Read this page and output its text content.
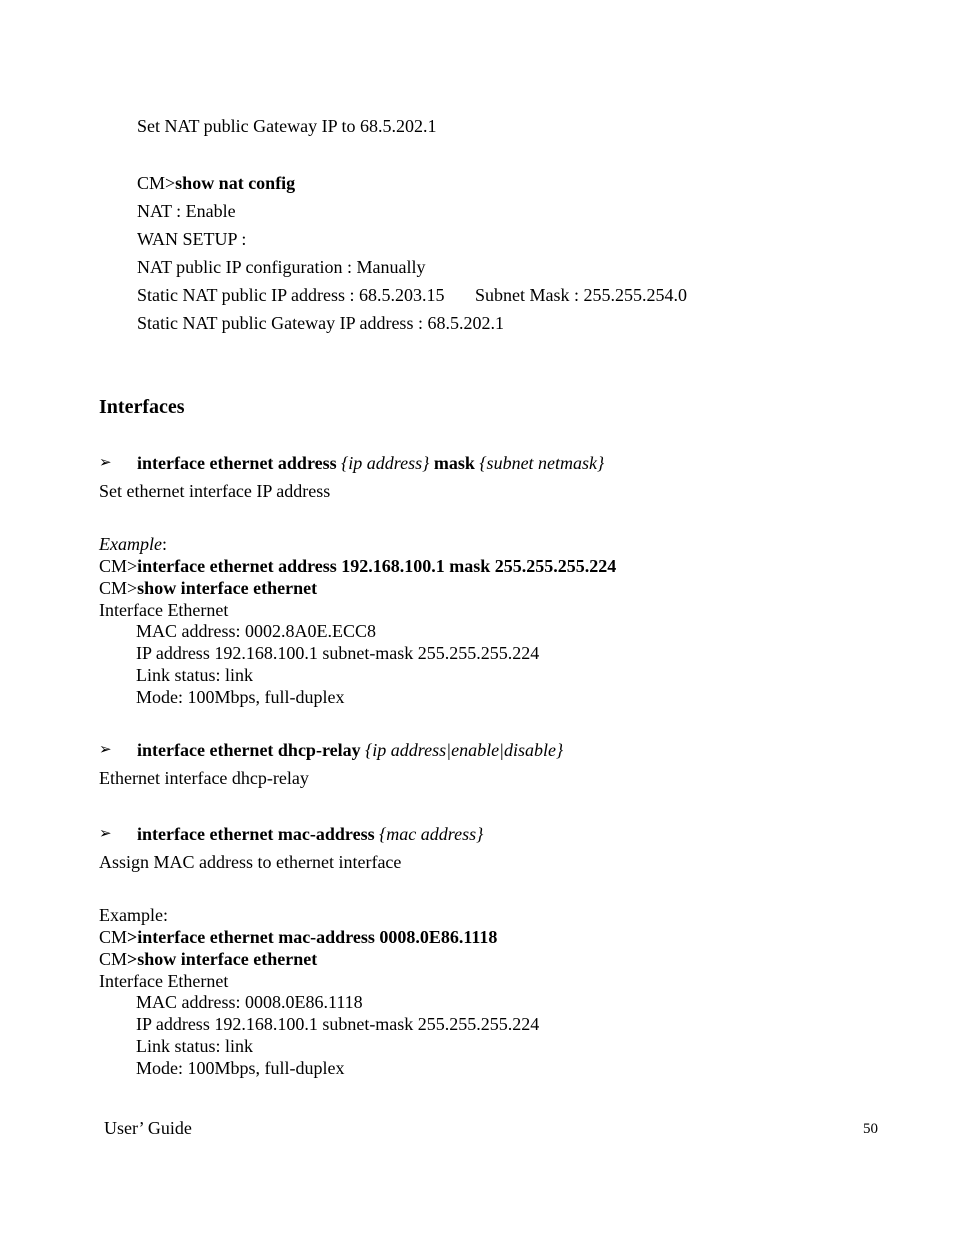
Set NAT public Gateway IP to 68.5.202.1
CM>show nat config
NAT : Enable
WAN SETUP :
NAT public IP configuration : Manually
Static NAT public IP address : 68.5.203.15 Subnet Mask : 255.255.254.0
Static NAT public Gateway IP address : 68.5.202.1
Interfaces
➢ interface ethernet address {ip address} mask {subnet netmask}
Set ethernet interface IP address
Example:
CM>interface ethernet address 192.168.100.1 mask 255.255.255.224
CM>show interface ethernet
Interface Ethernet
MAC address: 0002.8A0E.ECC8
IP address 192.168.100.1 subnet-mask 255.255.255.224
Link status: link
Mode: 100Mbps, full-duplex
➢ interface ethernet dhcp-relay {ip address|enable|disable}
Ethernet interface dhcp-relay
➢ interface ethernet mac-address {mac address}
Assign MAC address to ethernet interface
Example:
CM>interface ethernet mac-address 0008.0E86.1118
CM>show interface ethernet
Interface Ethernet
MAC address: 0008.0E86.1118
IP address 192.168.100.1 subnet-mask 255.255.255.224
Link status: link
Mode: 100Mbps, full-duplex
User’ Guide	50
